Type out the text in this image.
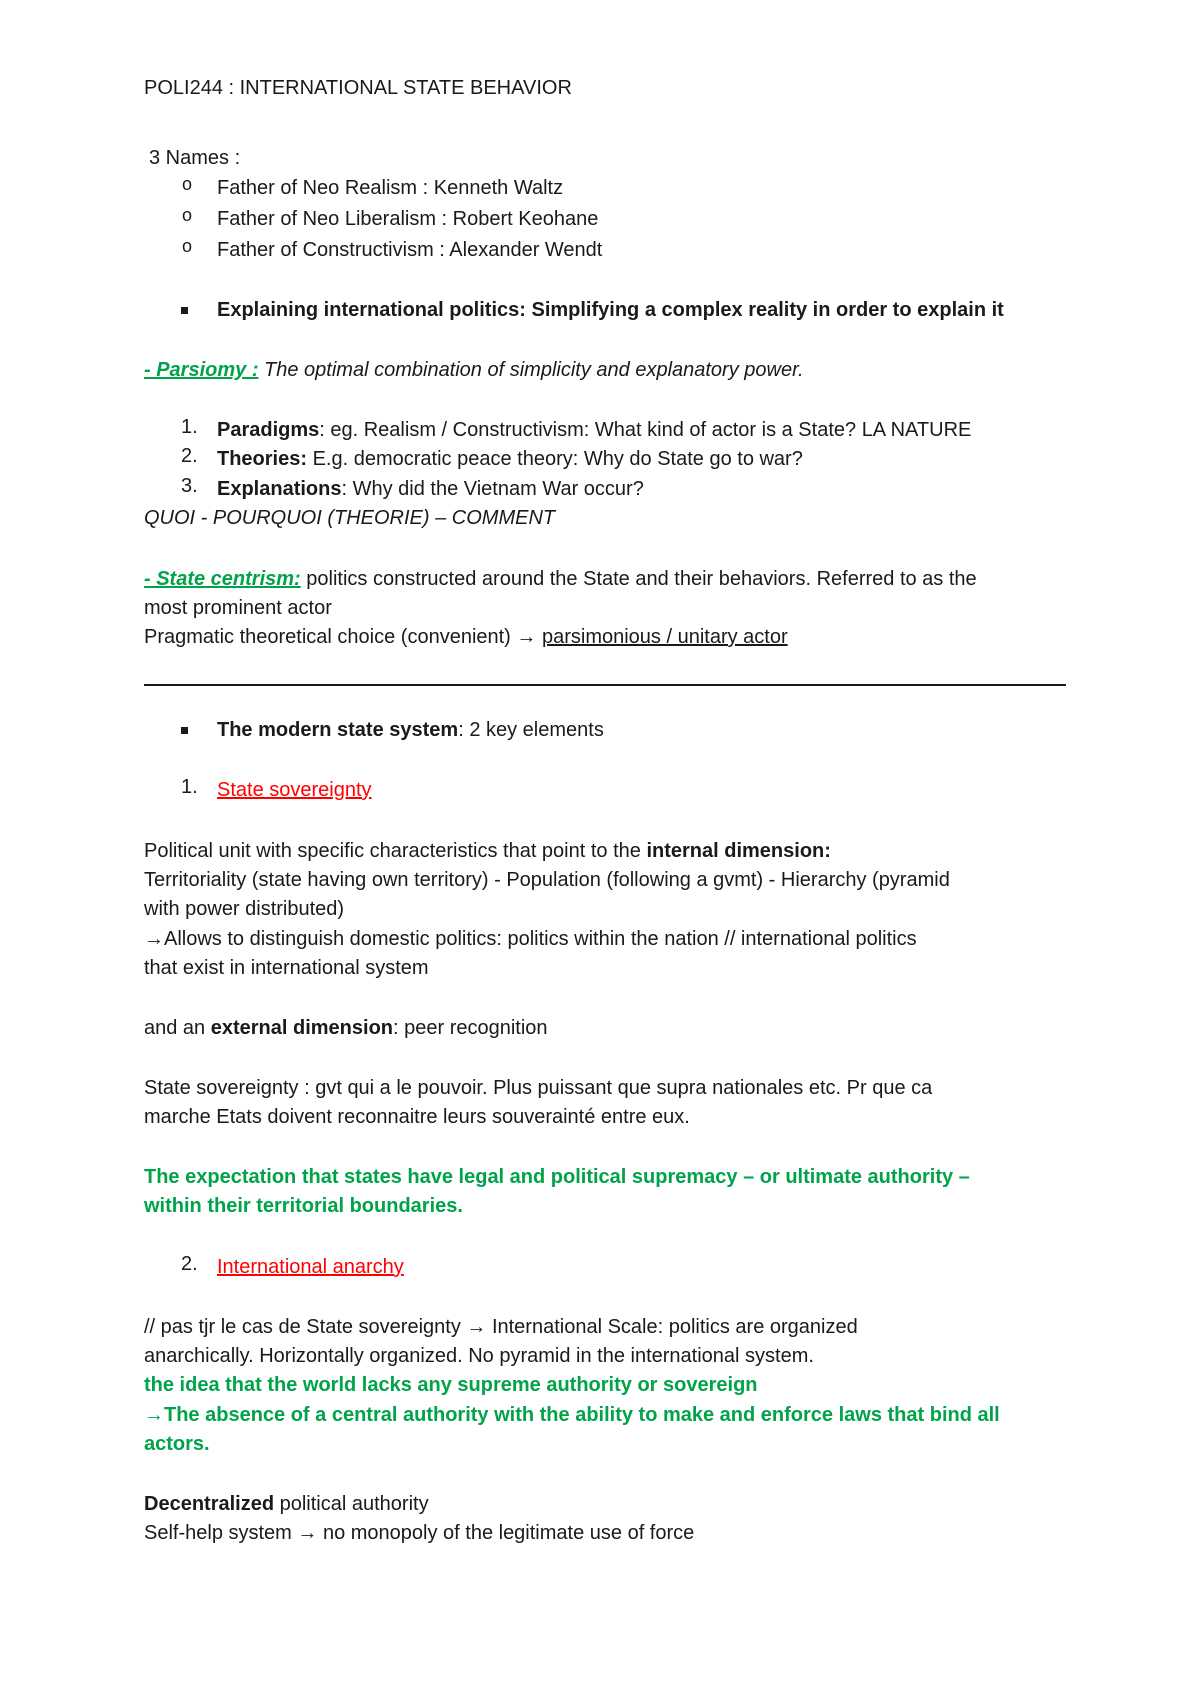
POLI244 : INTERNATIONAL STATE BEHAVIOR
3 Names :
o Father of Neo Realism : Kenneth Waltz
o Father of Neo Liberalism : Robert Keohane
o Father of Constructivism : Alexander Wendt
Explaining international politics: Simplifying a complex reality in order to explain it
- Parsiomy : The optimal combination of simplicity and explanatory power.
1. Paradigms: eg. Realism / Constructivism: What kind of actor is a State? LA NATURE
2. Theories: E.g. democratic peace theory: Why do State go to war?
3. Explanations: Why did the Vietnam War occur?
QUOI - POURQUOI (THEORIE) – COMMENT
- State centrism: politics constructed around the State and their behaviors. Referred to as the
most prominent actor
Pragmatic theoretical choice (convenient) → parsimonious / unitary actor
The modern state system: 2 key elements
1. State sovereignty
Political unit with specific characteristics that point to the internal dimension:
Territoriality (state having own territory) - Population (following a gvmt) - Hierarchy (pyramid
with power distributed)
→Allows to distinguish domestic politics: politics within the nation // international politics
that exist in international system
and an external dimension: peer recognition
State sovereignty : gvt qui a le pouvoir. Plus puissant que supra nationales etc. Pr que ca
marche Etats doivent reconnaitre leurs souverainté entre eux.
The expectation that states have legal and political supremacy – or ultimate authority –
within their territorial boundaries.
2. International anarchy
// pas tjr le cas de State sovereignty → International Scale: politics are organized
anarchically. Horizontally organized. No pyramid in the international system.
the idea that the world lacks any supreme authority or sovereign
→The absence of a central authority with the ability to make and enforce laws that bind all
actors.
Decentralized political authority
Self-help system → no monopoly of the legitimate use of force
